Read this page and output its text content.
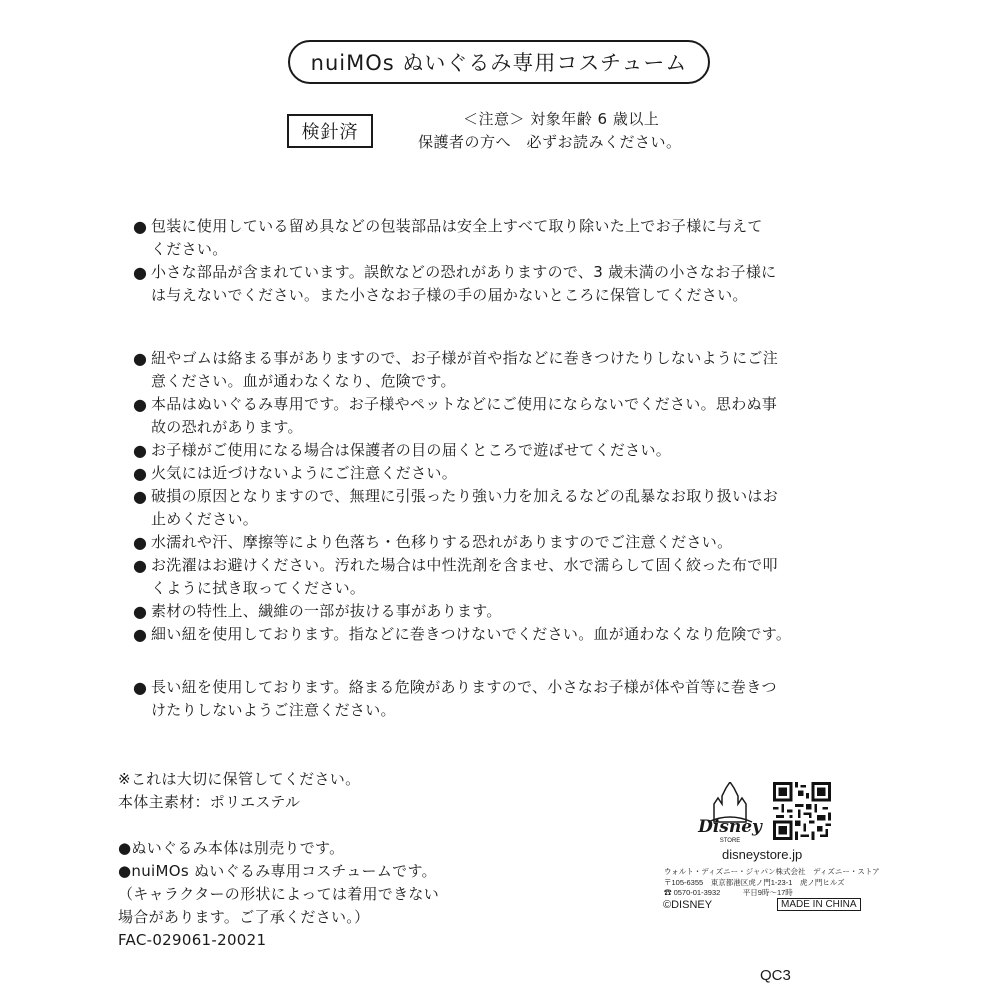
nuiMOs ぬいぐるみ専用コスチューム
検針済
＜注意＞ 対象年齢 6 歳以上
保護者の方へ　必ずお読みください。
● 包装に使用している留め具などの包装部品は安全上すべて取り除いた上でお子様に与えて
ください。
● 小さな部品が含まれています。誤飲などの恐れがありますので、3 歳未満の小さなお子様に
は与えないでください。また小さなお子様の手の届かないところに保管してください。
● 紐やゴムは絡まる事がありますので、お子様が首や指などに巻きつけたりしないようにご注
意ください。血が通わなくなり、危険です。
● 本品はぬいぐるみ専用です。お子様やペットなどにご使用にならないでください。思わぬ事
故の恐れがあります。
● お子様がご使用になる場合は保護者の目の届くところで遊ばせてください。
● 火気には近づけないようにご注意ください。
● 破損の原因となりますので、無理に引張ったり強い力を加えるなどの乱暴なお取り扱いはお
止めください。
● 水濡れや汗、摩擦等により色落ち・色移りする恐れがありますのでご注意ください。
● お洗濯はお避けください。汚れた場合は中性洗剤を含ませ、水で濡らして固く絞った布で叩
くように拭き取ってください。
● 素材の特性上、繊維の一部が抜ける事があります。
● 細い紐を使用しております。指などに巻きつけないでください。血が通わなくなり危険です。
● 長い紐を使用しております。絡まる危険がありますので、小さなお子様が体や首等に巻きつ
けたりしないようご注意ください。
※これは大切に保管してください。
本体主素材：ポリエステル
●ぬいぐるみ本体は別売りです。
●nuiMOs ぬいぐるみ専用コスチュームです。
（キャラクターの形状によっては着用できない
場合があります。ご了承ください。）
FAC-029061-20021
Disney
STORE
disneystore.jp
ウォルト・ディズニー・ジャパン株式会社　ディズニー・ストア
〒105-6355　東京都港区虎ノ門1-23-1　虎ノ門ヒルズ
☎ 0570-01-3932　　　平日9時〜17時
©DISNEY	MADE IN CHINA
QC3
